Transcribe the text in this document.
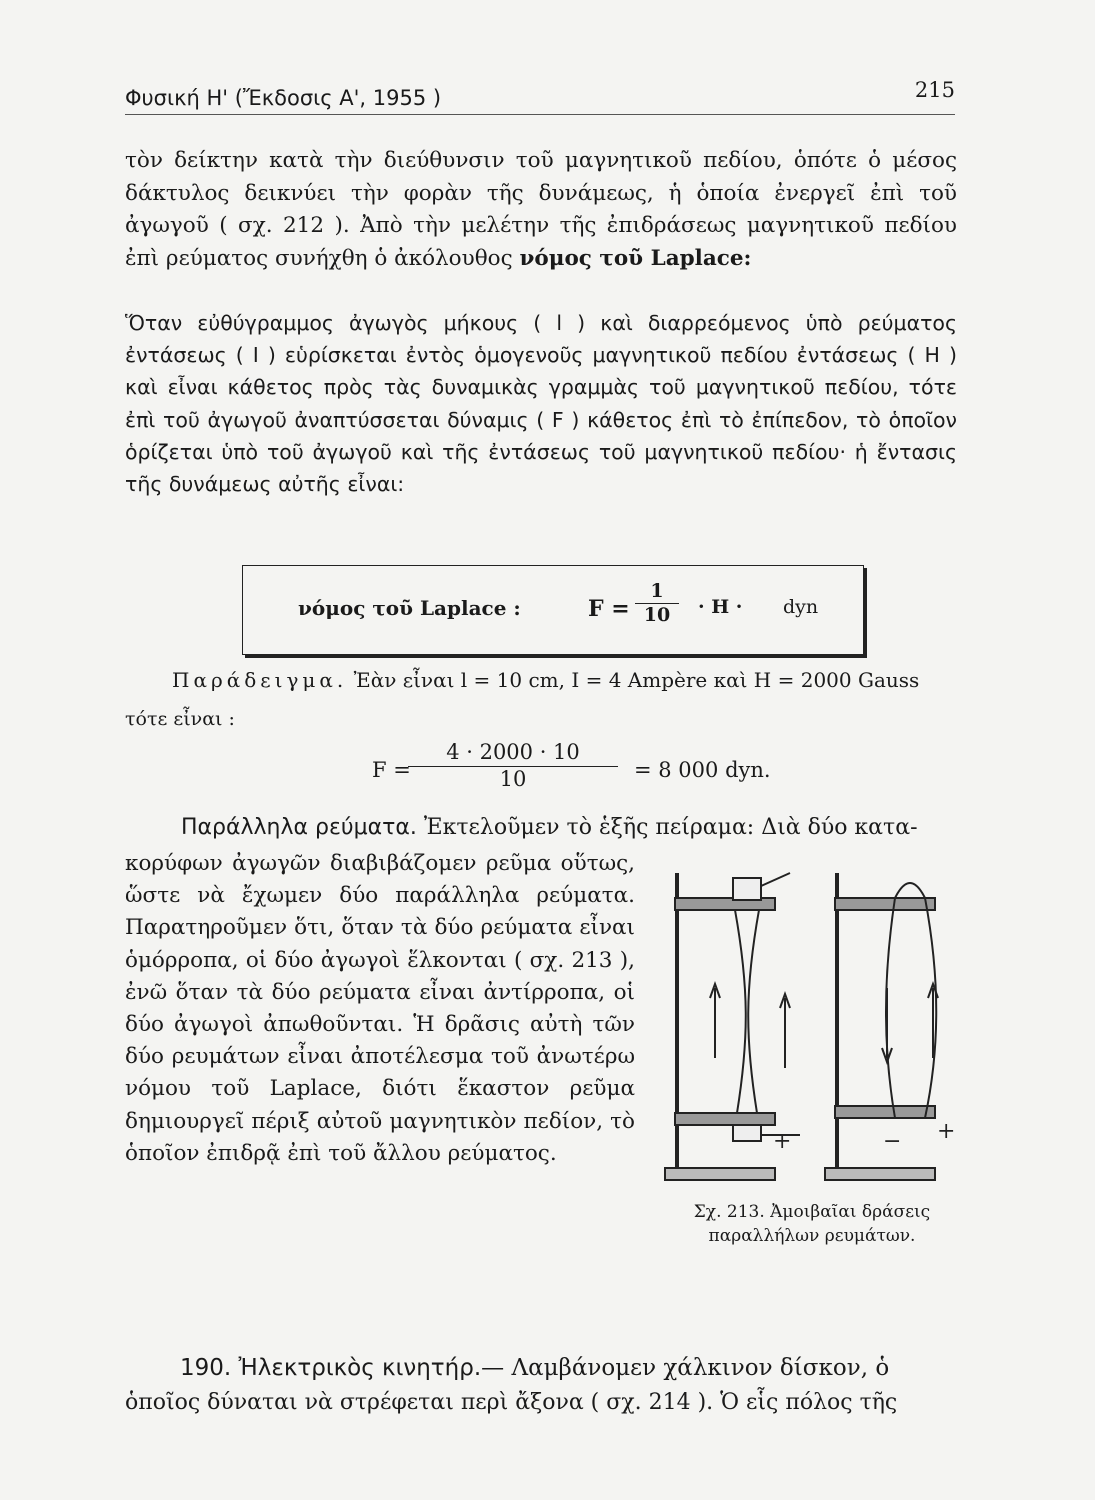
Φυσική Η' (Ἔκδοσις Α', 1955 )	215
τὸν δείκτην κατὰ τὴν διεύθυνσιν τοῦ μαγνητικοῦ πεδίου, ὁπότε ὁ μέσος δάκτυλος δεικνύει τὴν φορὰν τῆς δυνάμεως, ἡ ὁποία ἐνεργεῖ ἐπὶ τοῦ ἀγωγοῦ ( σχ. 212 ). Ἀπὸ τὴν μελέτην τῆς ἐπιδράσεως μαγνητικοῦ πεδίου ἐπὶ ρεύματος συνήχθη ὁ ἀκόλουθος νόμος τοῦ Laplace:
Ὅταν εὐθύγραμμος ἀγωγὸς μήκους ( l ) καὶ διαρρεόμενος ὑπὸ ρεύματος ἐντάσεως ( I ) εὑρίσκεται ἐντὸς ὁμογενοῦς μαγνητικοῦ πεδίου ἐντάσεως ( H ) καὶ εἶναι κάθετος πρὸς τὰς δυναμικὰς γραμμὰς τοῦ μαγνητικοῦ πεδίου, τότε ἐπὶ τοῦ ἀγωγοῦ ἀναπτύσσεται δύναμις ( F ) κάθετος ἐπὶ τὸ ἐπίπεδον, τὸ ὁποῖον ὁρίζεται ὑπὸ τοῦ ἀγωγοῦ καὶ τῆς ἐντάσεως τοῦ μαγνητικοῦ πεδίου· ἡ ἔντασις τῆς δυνάμεως αὐτῆς εἶναι:
νόμος τοῦ Laplace :	$F = \frac{1}{10} \cdot H$ · dyn
Παράδειγμα. Ἐὰν εἶναι l = 10 cm, I = 4 Ampère καὶ H = 2000 Gauss
τότε εἶναι :
F =
$\frac{4 \cdot 2000 \cdot 10}{10} = 8$ 000 dyn.
Παράλληλα ρεύματα. Ἐκτελοῦμεν τὸ ἑξῆς πείραμα: Διὰ δύο κατα-
κορύφων ἀγωγῶν διαβιβάζομεν ρεῦμα οὕτως, ὥστε νὰ ἔχωμεν δύο παράλληλα ρεύματα. Παρατηροῦμεν ὅτι, ὅταν τὰ δύο ρεύματα εἶναι ὁμόρροπα, οἱ δύο ἀγωγοὶ ἕλκονται ( σχ. 213 ), ἐνῶ ὅταν τὰ δύο ρεύματα εἶναι ἀντίρροπα, οἱ δύο ἀγωγοὶ ἀπωθοῦνται. Ἡ δρᾶσις αὐτὴ τῶν δύο ρευμάτων εἶναι ἀποτέλεσμα τοῦ ἀνωτέρω νόμου τοῦ Laplace, διότι ἕκαστον ρεῦμα δημιουργεῖ πέριξ αὐτοῦ μαγνητικὸν πεδίον, τὸ ὁποῖον ἐπιδρᾷ ἐπὶ τοῦ ἄλλου ρεύματος.	+	− +
Σχ. 213. Ἀμοιβαῖαι δράσεις
παραλλήλων ρευμάτων.
190. Ἠλεκτρικὸς κινητήρ.— Λαμβάνομεν χάλκινον δίσκον, ὁ
ὁποῖος δύναται νὰ στρέφεται περὶ ἄξονα ( σχ. 214 ). Ὁ εἷς πόλος τῆς
